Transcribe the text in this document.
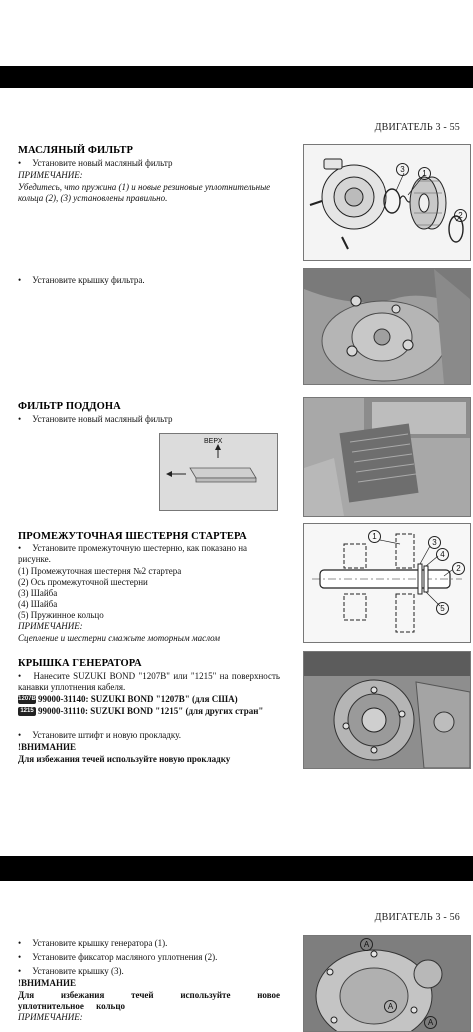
ДВИГАТЕЛЬ 3 - 55
МАСЛЯНЫЙ ФИЛЬТР
• Установите новый масляный фильтр
ПРИМЕЧАНИЕ:
Убедитесь, что пружина (1) и новые резиновые уплотнительные кольца (2), (3) установлены правильно.
3	1
2
• Установите крышку фильтра.
ФИЛЬТР ПОДДОНА
• Установите новый масляный фильтр
ВЕРХ
ПРОМЕЖУТОЧНАЯ ШЕСТЕРНЯ СТАРТЕРА
• Установите промежуточную шестерню, как показано на рисунке.
(1) Промежуточная шестерня №2 стартера
(2) Ось промежуточной шестерни
(3) Шайба
(4) Шайба
(5) Пружинное кольцо
ПРИМЕЧАНИЕ:
Сцепление и шестерни смажьте моторным маслом
1
3
4
2
5
КРЫШКА ГЕНЕРАТОРА
• Нанесите SUZUKI BOND "1207B" или "1215" на поверхность канавки уплотнения кабеля.
1207B 99000-31140: SUZUKI BOND "1207B" (для США)
1215 99000-31110: SUZUKI BOND "1215" (для других стран"
• Установите штифт и новую прокладку.
!ВНИМАНИЕ
Для избежания течей используйте новую прокладку
ДВИГАТЕЛЬ 3 - 56
• Установите крышку генератора (1).
• Установите фиксатор масляного уплотнения (2).
• Установите крышку (3).
!ВНИМАНИЕ
Для избежания течей используйте новое уплотнительное кольцо
ПРИМЕЧАНИЕ:
A
A
A
